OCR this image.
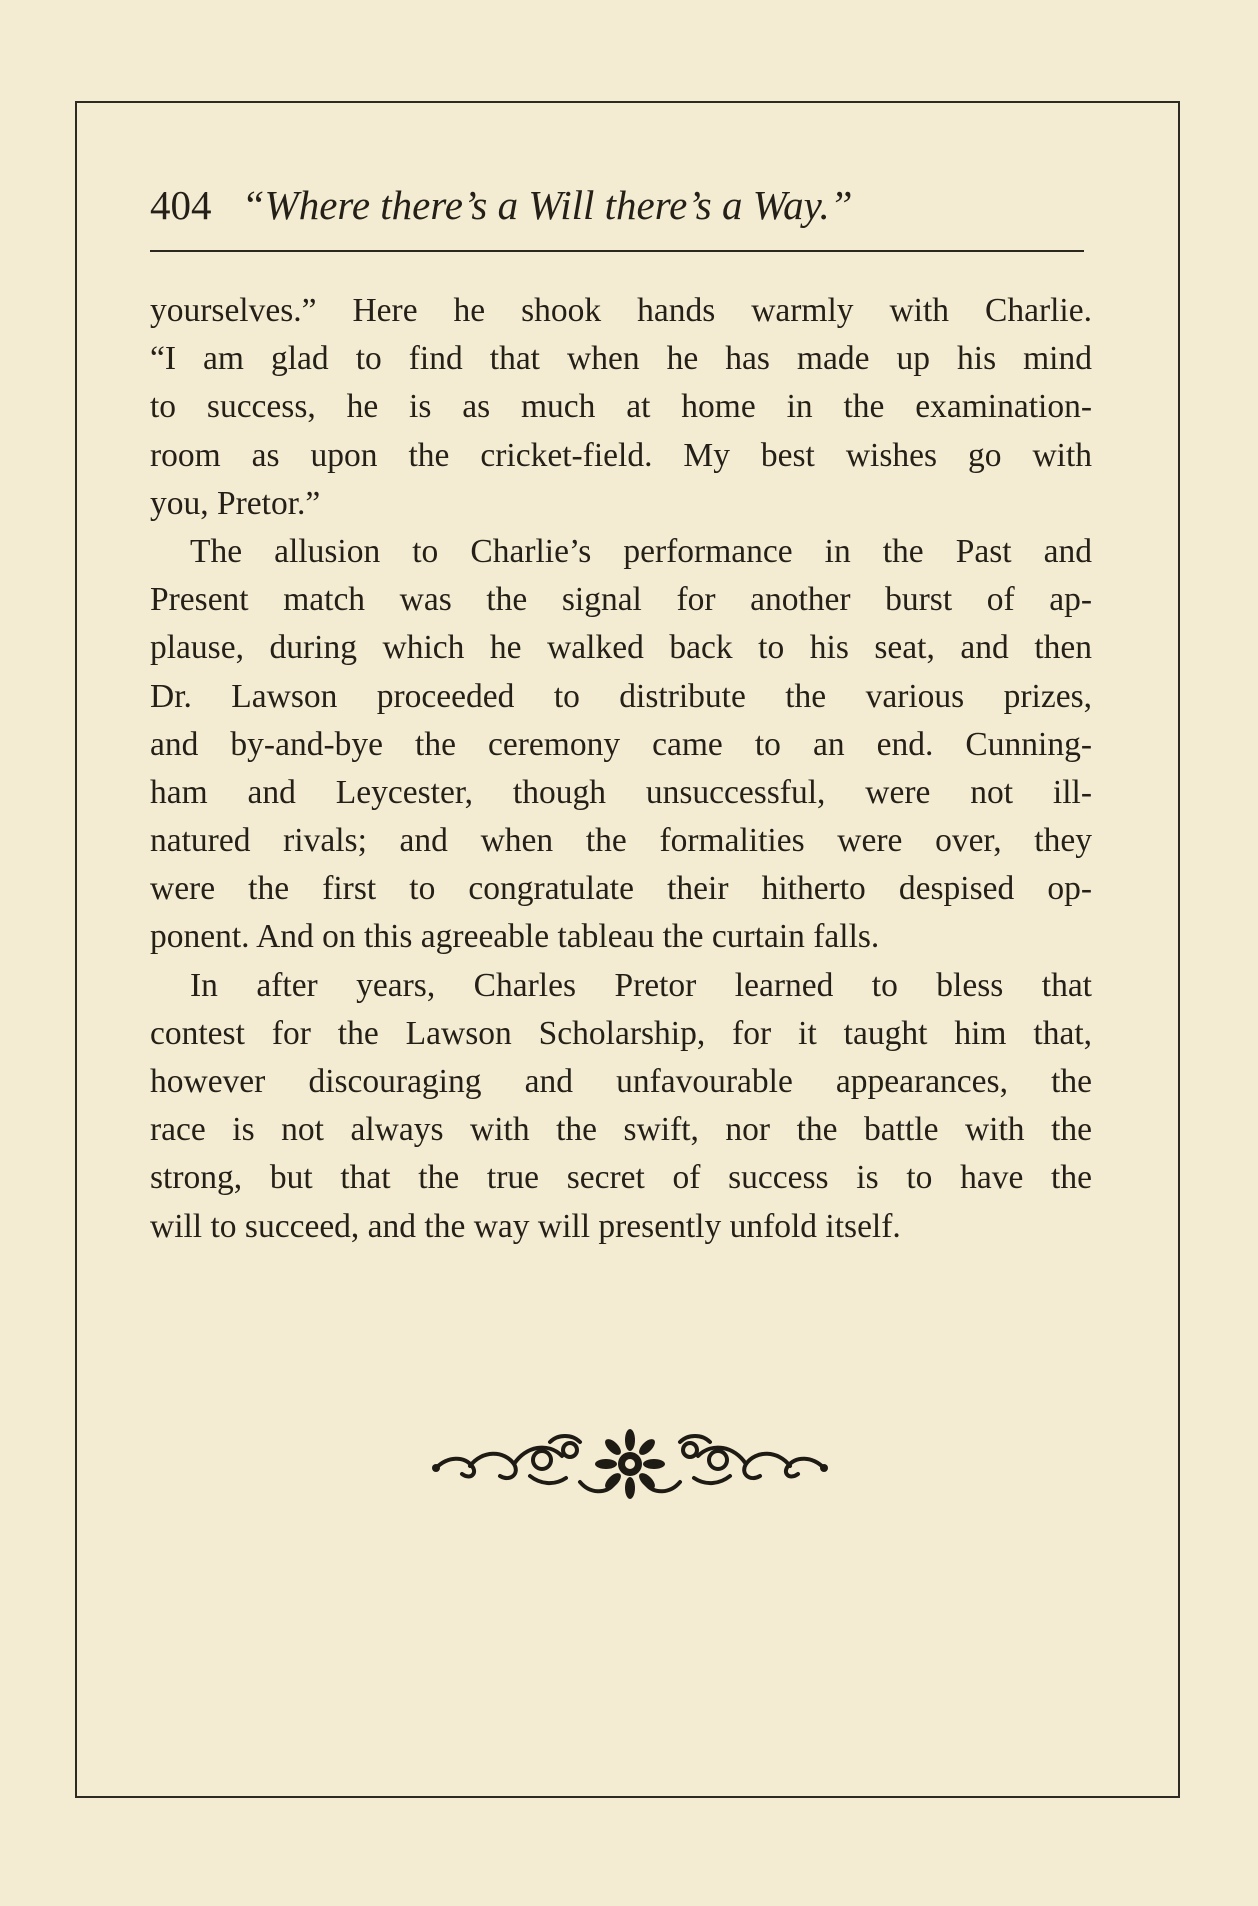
404 “Where there’s a Will there’s a Way.”
yourselves.” Here he shook hands warmly with Charlie.
“I am glad to find that when he has made up his mind
to success, he is as much at home in the examination-
room as upon the cricket-field. My best wishes go with
you, Pretor.”
The allusion to Charlie’s performance in the Past and
Present match was the signal for another burst of ap-
plause, during which he walked back to his seat, and then
Dr. Lawson proceeded to distribute the various prizes,
and by-and-bye the ceremony came to an end. Cunning-
ham and Leycester, though unsuccessful, were not ill-
natured rivals; and when the formalities were over, they
were the first to congratulate their hitherto despised op-
ponent. And on this agreeable tableau the curtain falls.
In after years, Charles Pretor learned to bless that
contest for the Lawson Scholarship, for it taught him that,
however discouraging and unfavourable appearances, the
race is not always with the swift, nor the battle with the
strong, but that the true secret of success is to have the
will to succeed, and the way will presently unfold itself.
